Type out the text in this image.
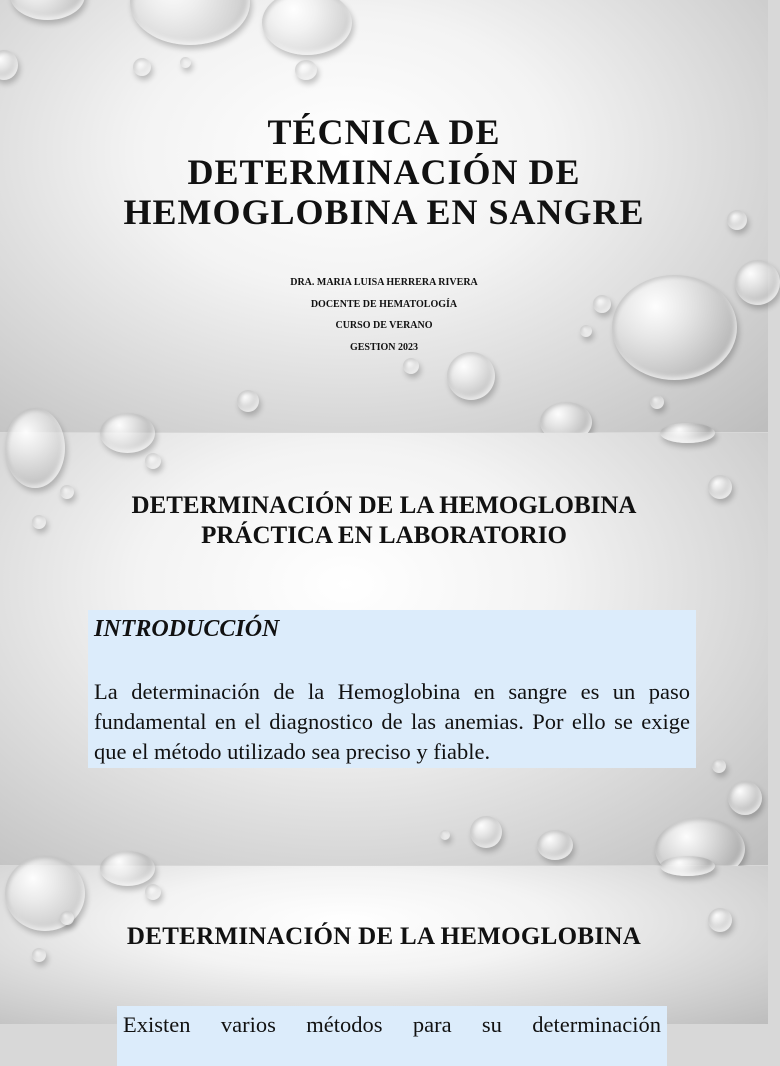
TÉCNICA DE
DETERMINACIÓN DE
HEMOGLOBINA EN SANGRE
DRA. MARIA LUISA HERRERA RIVERA
DOCENTE DE HEMATOLOGÍA
CURSO DE VERANO
GESTION 2023
DETERMINACIÓN DE LA HEMOGLOBINA
PRÁCTICA EN LABORATORIO

INTRODUCCIÓN

La determinación de la Hemoglobina en sangre es un paso fundamental en el diagnostico de las anemias. Por ello se exige que el método utilizado sea preciso y fiable.

DETERMINACIÓN DE LA HEMOGLOBINA

Existen varios métodos para su determinación
